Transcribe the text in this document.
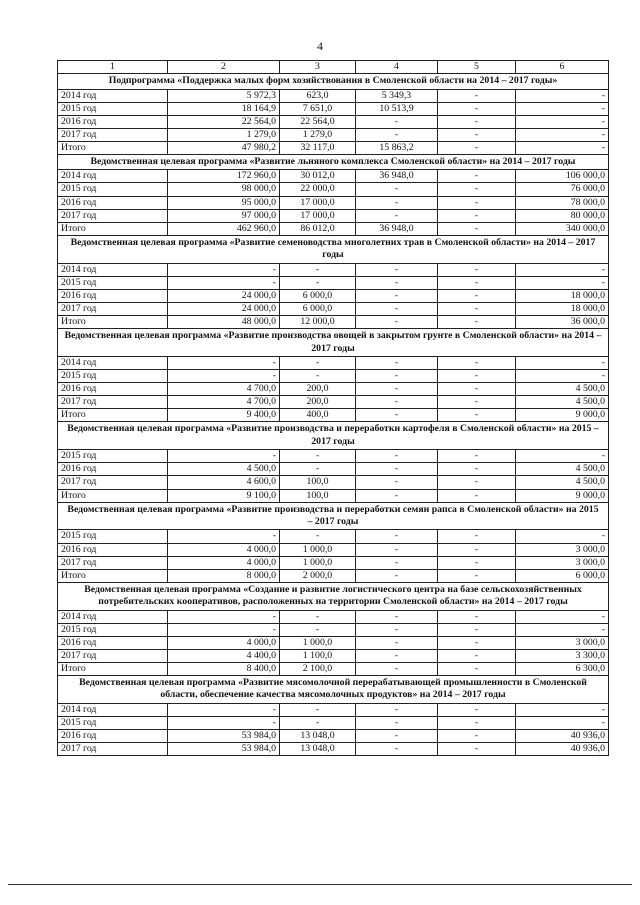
4
1	2	3	4	5	6
Подпрограмма «Поддержка малых форм хозяйствования в Смоленской области на 2014 – 2017 годы»					
2014 год	5 972,3	623,0	5 349,3	-	-
2015 год	18 164,9	7 651,0	10 513,9	-	-
2016 год	22 564,0	22 564,0	-	-	-
2017 год	1 279,0	1 279,0	-	-	-
Итого	47 980,2	32 117,0	15 863,2	-	-
Ведомственная целевая программа «Развитие льняного комплекса Смоленской области» на 2014 – 2017 годы					
2014 год	172 960,0	30 012,0	36 948,0	-	106 000,0
2015 год	98 000,0	22 000,0	-	-	76 000,0
2016 год	95 000,0	17 000,0	-	-	78 000,0
2017 год	97 000,0	17 000,0	-	-	80 000,0
Итого	462 960,0	86 012,0	36 948,0	-	340 000,0
Ведомственная целевая программа «Развитие семеноводства многолетних трав в Смоленской области» на 2014 – 2017 годы					
2014 год	-	-	-	-	-
2015 год	-	-	-	-	-
2016 год	24 000,0	6 000,0	-	-	18 000,0
2017 год	24 000,0	6 000,0	-	-	18 000,0
Итого	48 000,0	12 000,0	-	-	36 000,0
Ведомственная целевая программа «Развитие производства овощей в закрытом грунте в Смоленской области» на 2014 – 2017 годы					
2014 год	-	-	-	-	-
2015 год	-	-	-	-	-
2016 год	4 700,0	200,0	-	-	4 500,0
2017 год	4 700,0	200,0	-	-	4 500,0
Итого	9 400,0	400,0	-	-	9 000,0
Ведомственная целевая программа «Развитие производства и переработки картофеля в Смоленской области» на 2015 – 2017 годы					
2015 год	-	-	-	-	-
2016 год	4 500,0	-	-	-	4 500,0
2017 год	4 600,0	100,0	-	-	4 500,0
Итого	9 100,0	100,0	-	-	9 000,0
Ведомственная целевая программа «Развитие производства и переработки семян рапса в Смоленской области» на 2015 – 2017 годы					
2015 год	-	-	-	-	-
2016 год	4 000,0	1 000,0	-	-	3 000,0
2017 год	4 000,0	1 000,0	-	-	3 000,0
Итого	8 000,0	2 000,0	-	-	6 000,0
Ведомственная целевая программа «Создание и развитие логистического центра на базе сельскохозяйственных потребительских кооперативов, расположенных на территории Смоленской области» на 2014 – 2017 годы					
2014 год	-	-	-	-	-
2015 год	-	-	-	-	-
2016 год	4 000,0	1 000,0	-	-	3 000,0
2017 год	4 400,0	1 100,0	-	-	3 300,0
Итого	8 400,0	2 100,0	-	-	6 300,0
Ведомственная целевая программа «Развитие мясомолочной перерабатывающей промышленности в Смоленской области, обеспечение качества мясомолочных продуктов» на 2014 – 2017 годы					
2014 год	-	-	-	-	-
2015 год	-	-	-	-	-
2016 год	53 984,0	13 048,0	-	-	40 936,0
2017 год	53 984,0	13 048,0	-	-	40 936,0
